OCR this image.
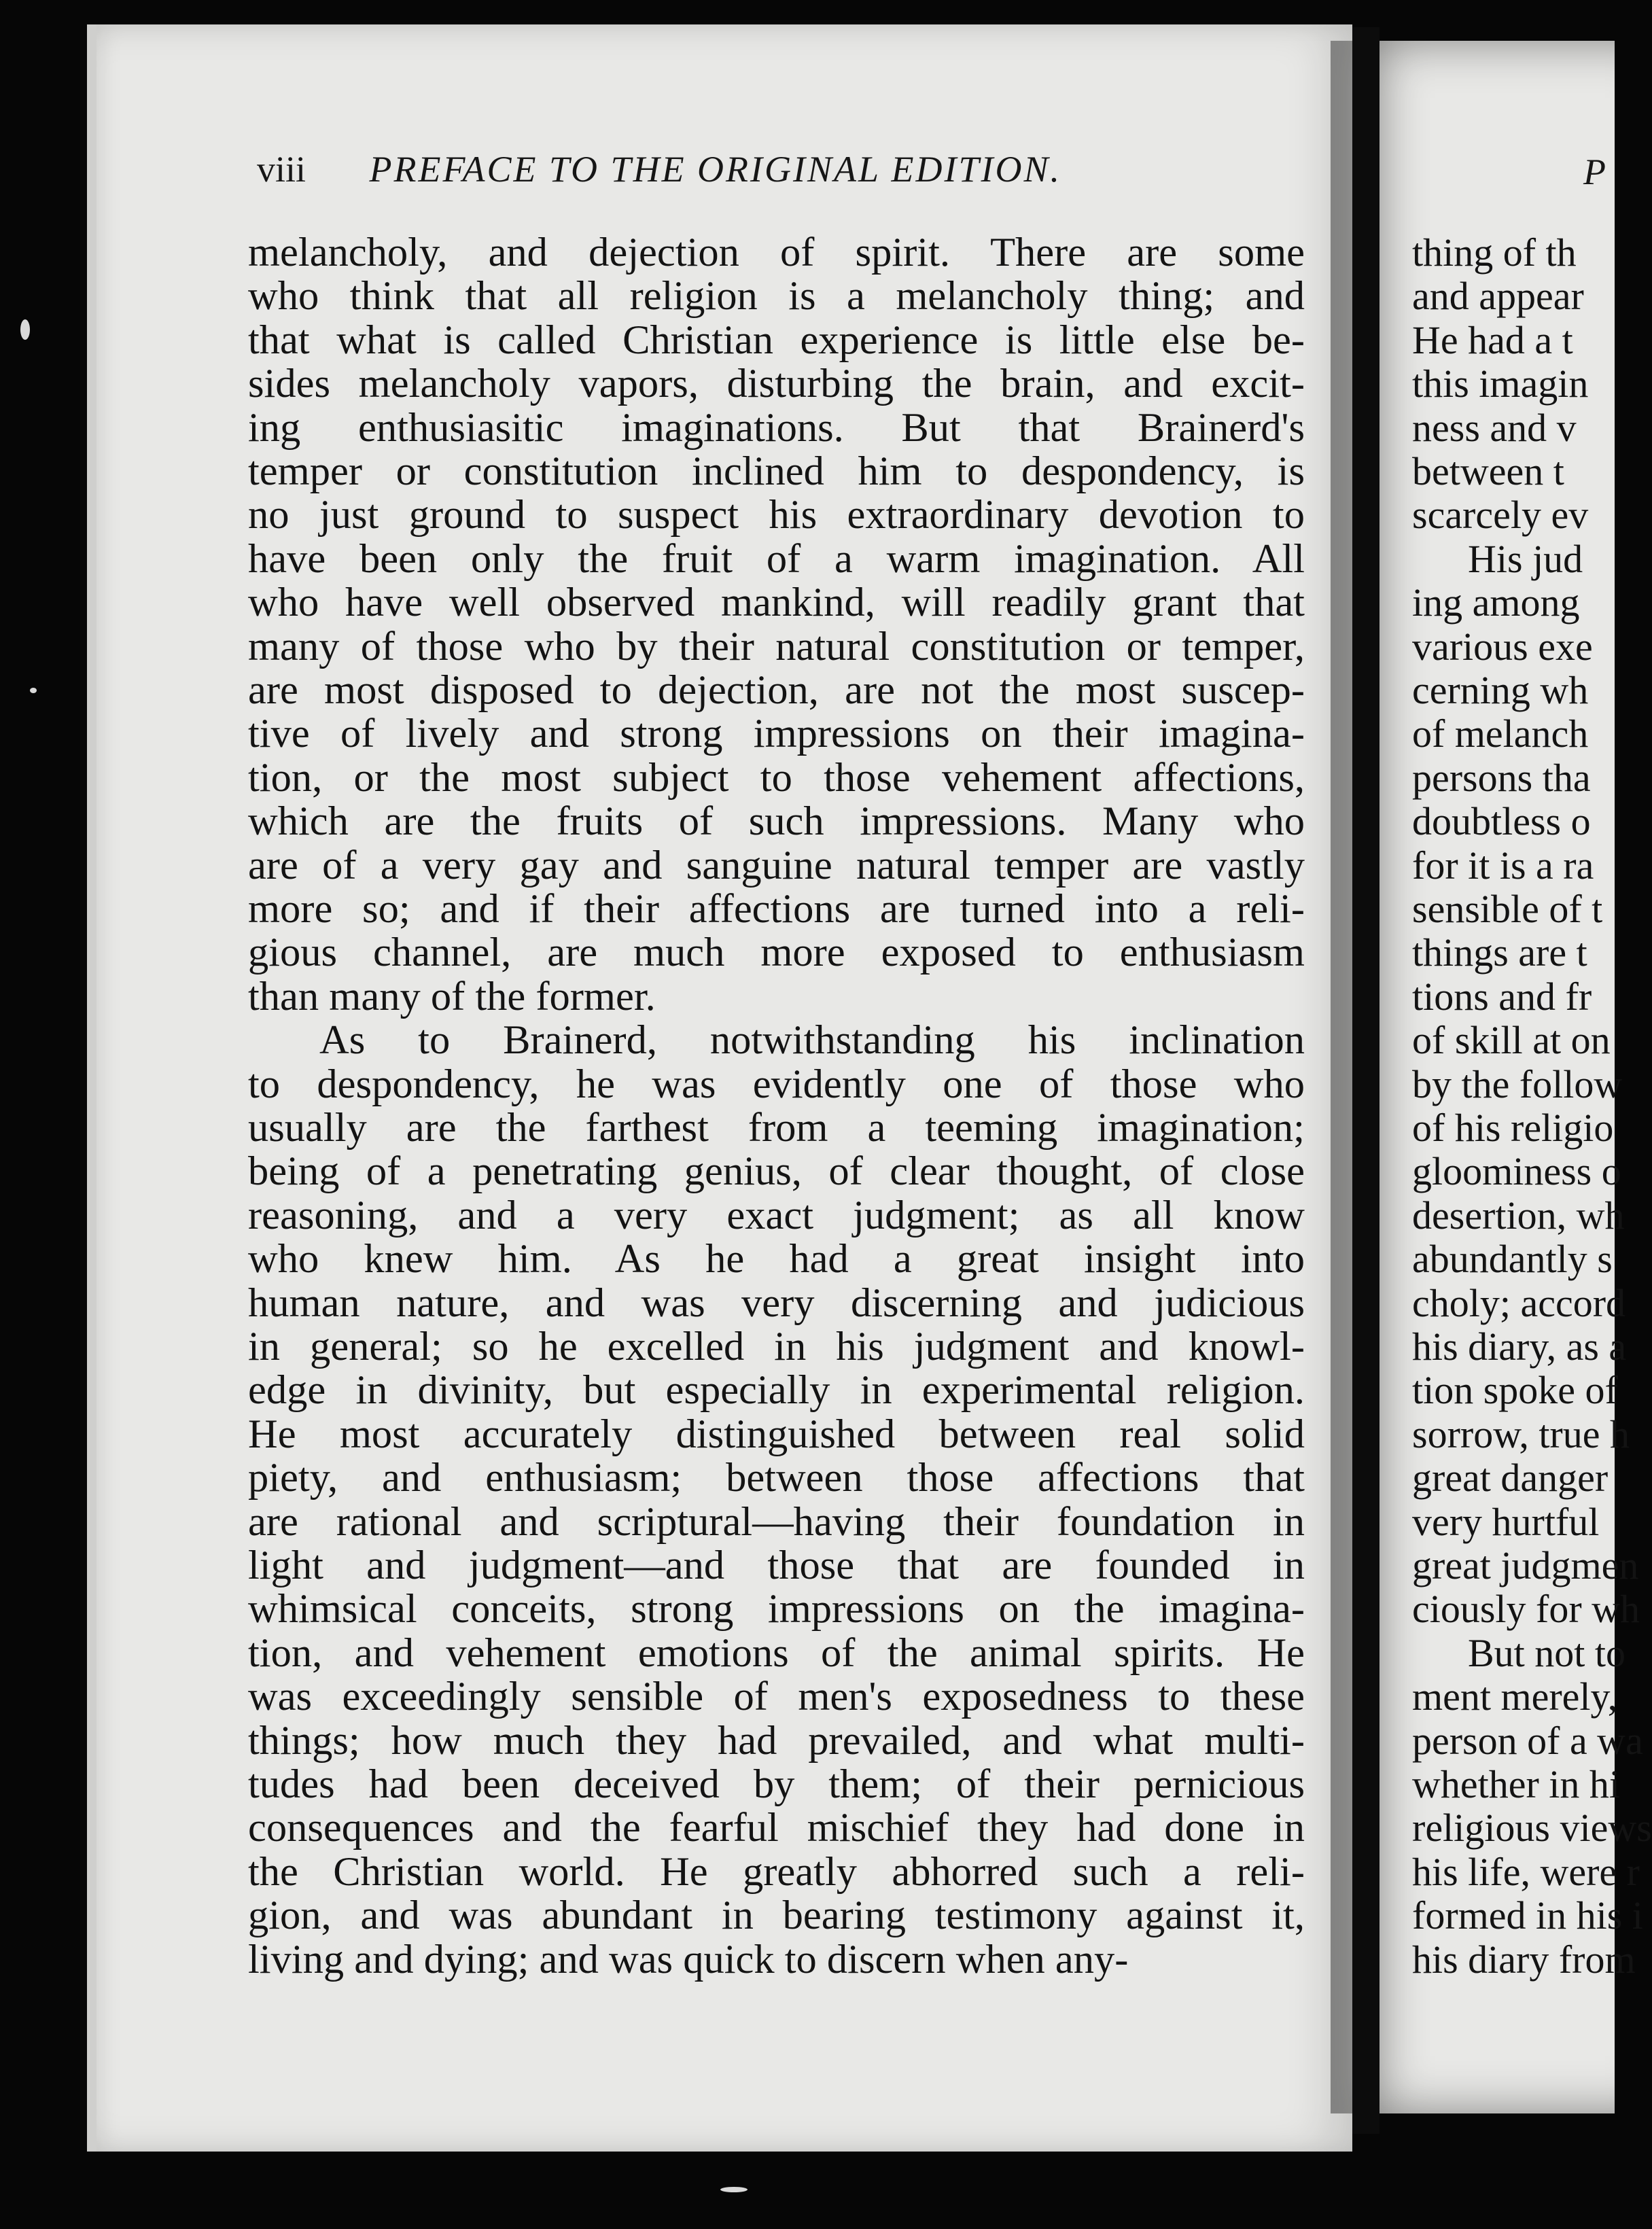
viii PREFACE TO THE ORIGINAL EDITION.
melancholy, and dejection of spirit. There are some
who think that all religion is a melancholy thing; and
that what is called Christian experience is little else be-
sides melancholy vapors, disturbing the brain, and excit-
ing enthusiasitic imaginations. But that Brainerd's
temper or constitution inclined him to despondency, is
no just ground to suspect his extraordinary devotion to
have been only the fruit of a warm imagination. All
who have well observed mankind, will readily grant that
many of those who by their natural constitution or temper,
are most disposed to dejection, are not the most suscep-
tive of lively and strong impressions on their imagina-
tion, or the most subject to those vehement affections,
which are the fruits of such impressions. Many who
are of a very gay and sanguine natural temper are vastly
more so; and if their affections are turned into a reli-
gious channel, are much more exposed to enthusiasm
than many of the former.
As to Brainerd, notwithstanding his inclination
to despondency, he was evidently one of those who
usually are the farthest from a teeming imagination;
being of a penetrating genius, of clear thought, of close
reasoning, and a very exact judgment; as all know
who knew him. As he had a great insight into
human nature, and was very discerning and judicious
in general; so he excelled in his judgment and knowl-
edge in divinity, but especially in experimental religion.
He most accurately distinguished between real solid
piety, and enthusiasm; between those affections that
are rational and scriptural—having their foundation in
light and judgment—and those that are founded in
whimsical conceits, strong impressions on the imagina-
tion, and vehement emotions of the animal spirits. He
was exceedingly sensible of men's exposedness to these
things; how much they had prevailed, and what multi-
tudes had been deceived by them; of their pernicious
consequences and the fearful mischief they had done in
the Christian world. He greatly abhorred such a reli-
gion, and was abundant in bearing testimony against it,
living and dying; and was quick to discern when any-
P
thing of th
and appear
He had a t
this imagin
ness and v
between t
scarcely ev
His jud
ing among
various exe
cerning wh
of melanch
persons tha
doubtless o
for it is a ra
sensible of t
things are t
tions and fr
of skill at on
by the follow
of his religio
gloominess o
desertion, wh
abundantly s
choly; accord
his diary, as a
tion spoke of
sorrow, true h
great danger
very hurtful
great judgmen
ciously for wh
But not to
ment merely,
person of a wa
whether in hi
religious views
his life, were r
formed in his i
his diary from
